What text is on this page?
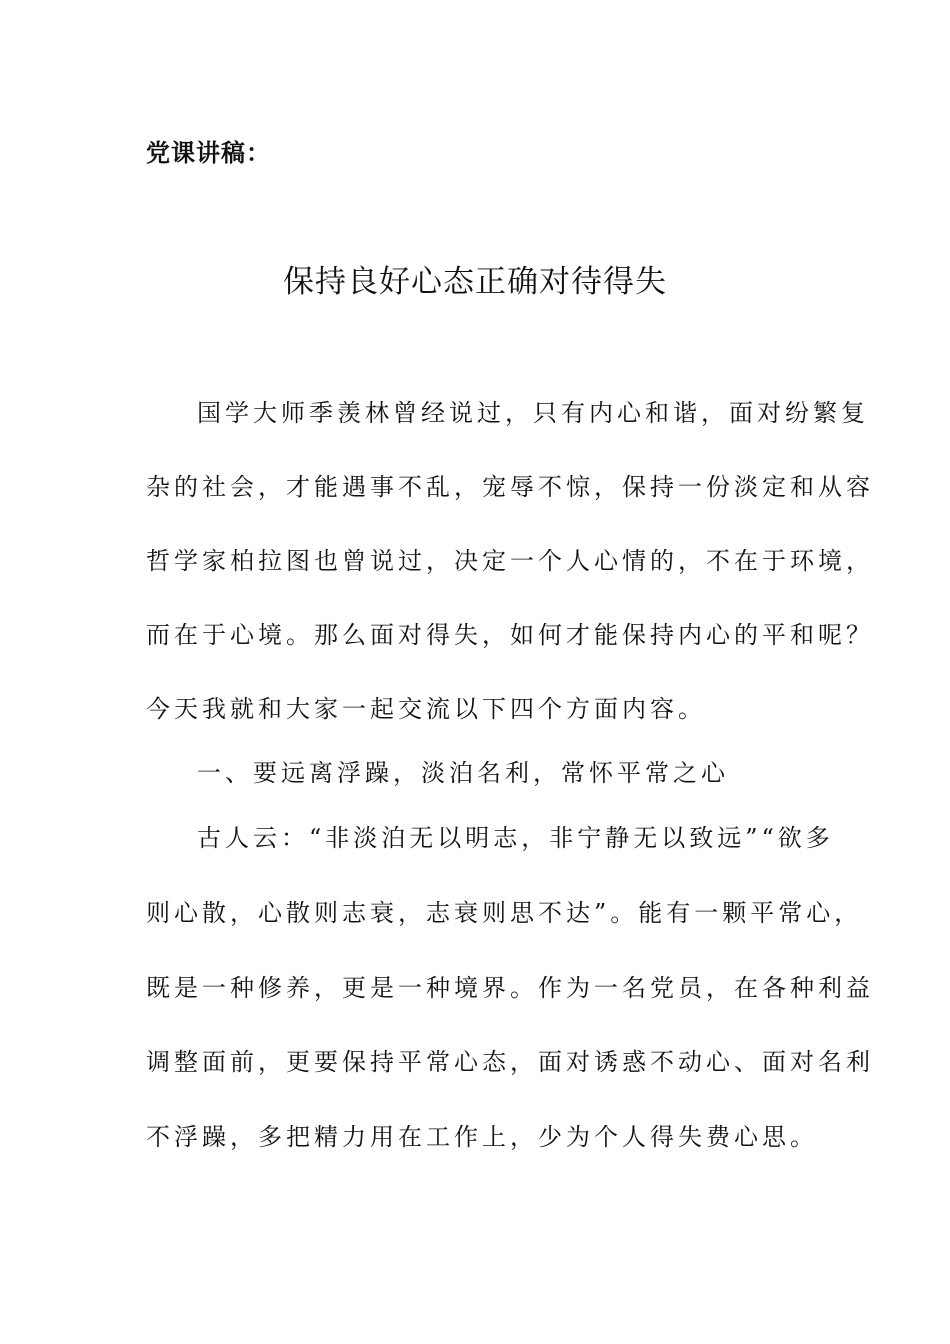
党课讲稿：

保持良好心态正确对待得失

国学大师季羡林曾经说过，只有内心和谐，面对纷繁复

杂的社会，才能遇事不乱，宠辱不惊，保持一份淡定和从容

哲学家柏拉图也曾说过，决定一个人心情的，不在于环境，

而在于心境。那么面对得失，如何才能保持内心的平和呢？

今天我就和大家一起交流以下四个方面内容。

一、要远离浮躁，淡泊名利，常怀平常之心

古人云：“非淡泊无以明志，非宁静无以致远”“欲多

则心散，心散则志衰，志衰则思不达”。能有一颗平常心，

既是一种修养，更是一种境界。作为一名党员，在各种利益

调整面前，更要保持平常心态，面对诱惑不动心、面对名利

不浮躁，多把精力用在工作上，少为个人得失费心思。
